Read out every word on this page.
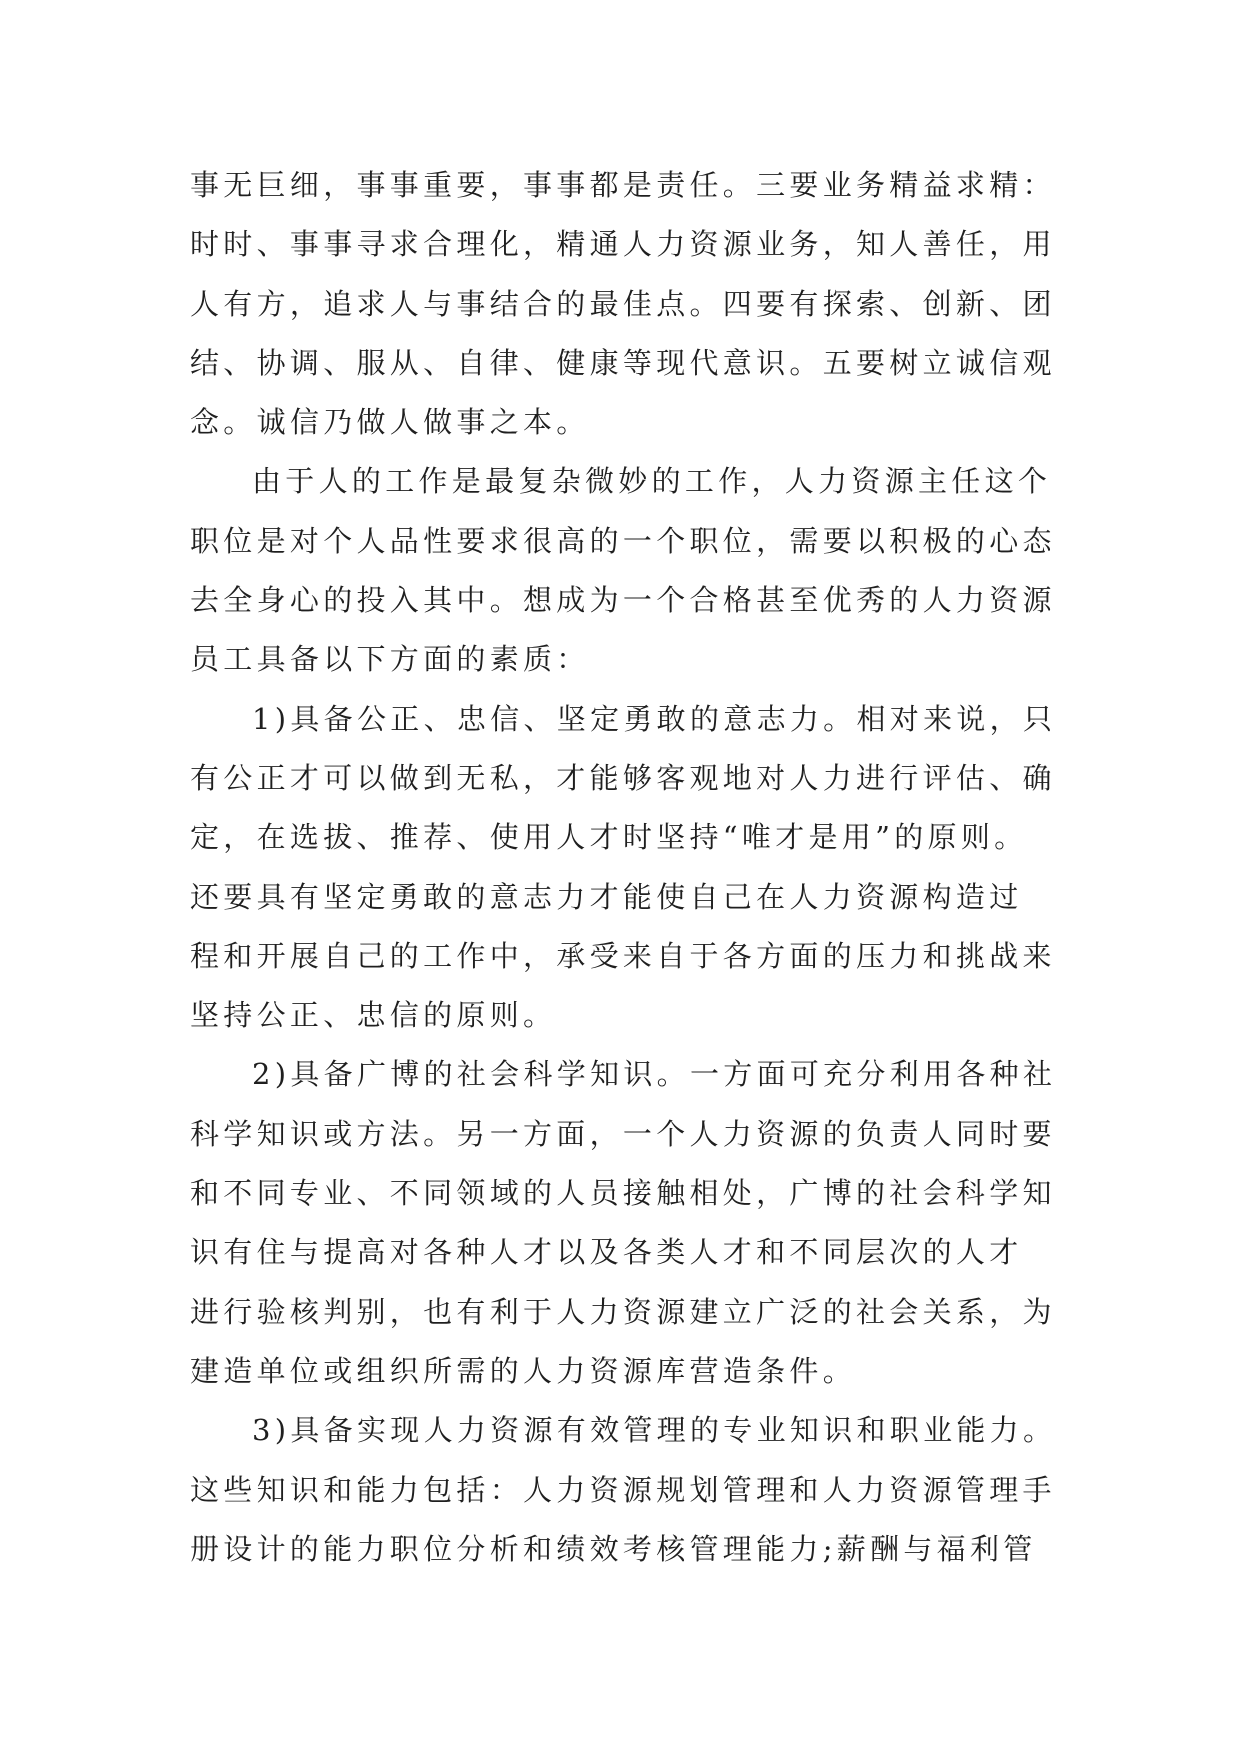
事无巨细，事事重要，事事都是责任。三要业务精益求精：
时时、事事寻求合理化，精通人力资源业务，知人善任，用
人有方，追求人与事结合的最佳点。四要有探索、创新、团
结、协调、服从、自律、健康等现代意识。五要树立诚信观
念。诚信乃做人做事之本。
由于人的工作是最复杂微妙的工作，人力资源主任这个
职位是对个人品性要求很高的一个职位，需要以积极的心态
去全身心的投入其中。想成为一个合格甚至优秀的人力资源
员工具备以下方面的素质：
1)具备公正、忠信、坚定勇敢的意志力。相对来说，只
有公正才可以做到无私，才能够客观地对人力进行评估、确
定，在选拔、推荐、使用人才时坚持“唯才是用”的原则。
还要具有坚定勇敢的意志力才能使自己在人力资源构造过
程和开展自己的工作中，承受来自于各方面的压力和挑战来
坚持公正、忠信的原则。
2)具备广博的社会科学知识。一方面可充分利用各种社
科学知识或方法。另一方面，一个人力资源的负责人同时要
和不同专业、不同领域的人员接触相处，广博的社会科学知
识有住与提高对各种人才以及各类人才和不同层次的人才
进行验核判别，也有利于人力资源建立广泛的社会关系，为
建造单位或组织所需的人力资源库营造条件。
3)具备实现人力资源有效管理的专业知识和职业能力。
这些知识和能力包括：人力资源规划管理和人力资源管理手
册设计的能力职位分析和绩效考核管理能力;薪酬与福利管
